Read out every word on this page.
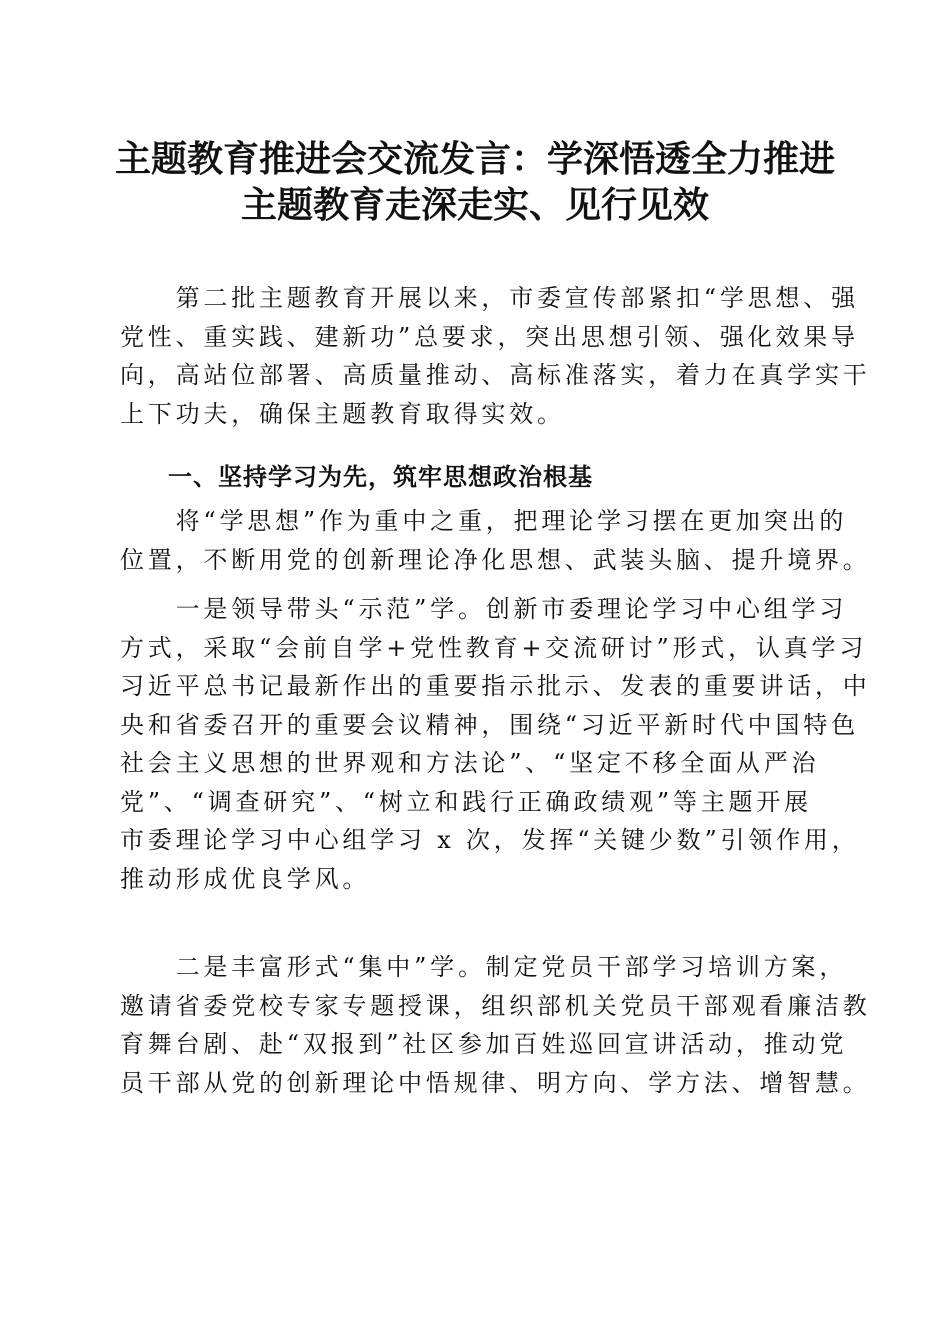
主题教育推进会交流发言：学深悟透全力推进
主题教育走深走实、见行见效
　　第二批主题教育开展以来，市委宣传部紧扣“学思想、强
党性、重实践、建新功”总要求，突出思想引领、强化效果导
向，高站位部署、高质量推动、高标准落实，着力在真学实干
上下功夫，确保主题教育取得实效。
一、坚持学习为先，筑牢思想政治根基
　　将“学思想”作为重中之重，把理论学习摆在更加突出的
位置，不断用党的创新理论净化思想、武装头脑、提升境界。
　　一是领导带头“示范”学。创新市委理论学习中心组学习
方式，采取“会前自学+党性教育+交流研讨”形式，认真学习
习近平总书记最新作出的重要指示批示、发表的重要讲话，中
央和省委召开的重要会议精神，围绕“习近平新时代中国特色
社会主义思想的世界观和方法论”、“坚定不移全面从严治
党”、“调查研究”、“树立和践行正确政绩观”等主题开展
市委理论学习中心组学习 x 次，发挥“关键少数”引领作用，
推动形成优良学风。
　　二是丰富形式“集中”学。制定党员干部学习培训方案，
邀请省委党校专家专题授课，组织部机关党员干部观看廉洁教
育舞台剧、赴“双报到”社区参加百姓巡回宣讲活动，推动党
员干部从党的创新理论中悟规律、明方向、学方法、增智慧。
